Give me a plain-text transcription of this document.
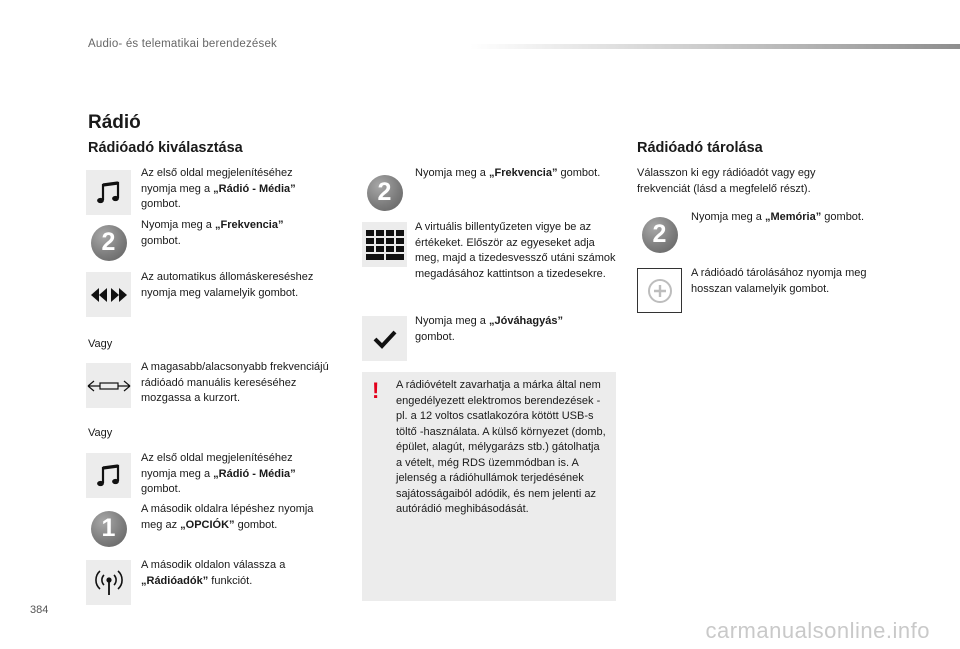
Audio- és telematikai berendezések
Rádió
Rádióadó kiválasztása
Az első oldal megjelenítéséhez nyomja meg a „Rádió - Média” gombot.
2
Nyomja meg a „Frekvencia” gombot.
Az automatikus állomáskereséshez nyomja meg valamelyik gombot.
Vagy
A magasabb/alacsonyabb frekvenciájú rádióadó manuális kereséséhez mozgassa a kurzort.
Vagy
Az első oldal megjelenítéséhez nyomja meg a „Rádió - Média” gombot.
1
A második oldalra lépéshez nyomja meg az „OPCIÓK” gombot.
A második oldalon válassza a „Rádióadók” funkciót.
2
Nyomja meg a „Frekvencia” gombot.
A virtuális billentyűzeten vigye be az értékeket. Először az egyeseket adja meg, majd a tizedesvessző utáni számok megadásához kattintson a tizedesekre.
Nyomja meg a „Jóváhagyás” gombot.
! A rádióvételt zavarhatja a márka által nem engedélyezett elektromos berendezések - pl. a 12 voltos csatlakozóra kötött USB-s töltő -használata. A külső környezet (domb, épület, alagút, mélygarázs stb.) gátolhatja a vételt, még RDS üzemmódban is. A jelenség a rádióhullámok terjedésének sajátosságaiból adódik, és nem jelenti az autórádió meghibásodását.
Rádióadó tárolása
Válasszon ki egy rádióadót vagy egy frekvenciát (lásd a megfelelő részt).
2
Nyomja meg a „Memória” gombot.
A rádióadó tárolásához nyomja meg hosszan valamelyik gombot.
384
carmanualsonline.info
